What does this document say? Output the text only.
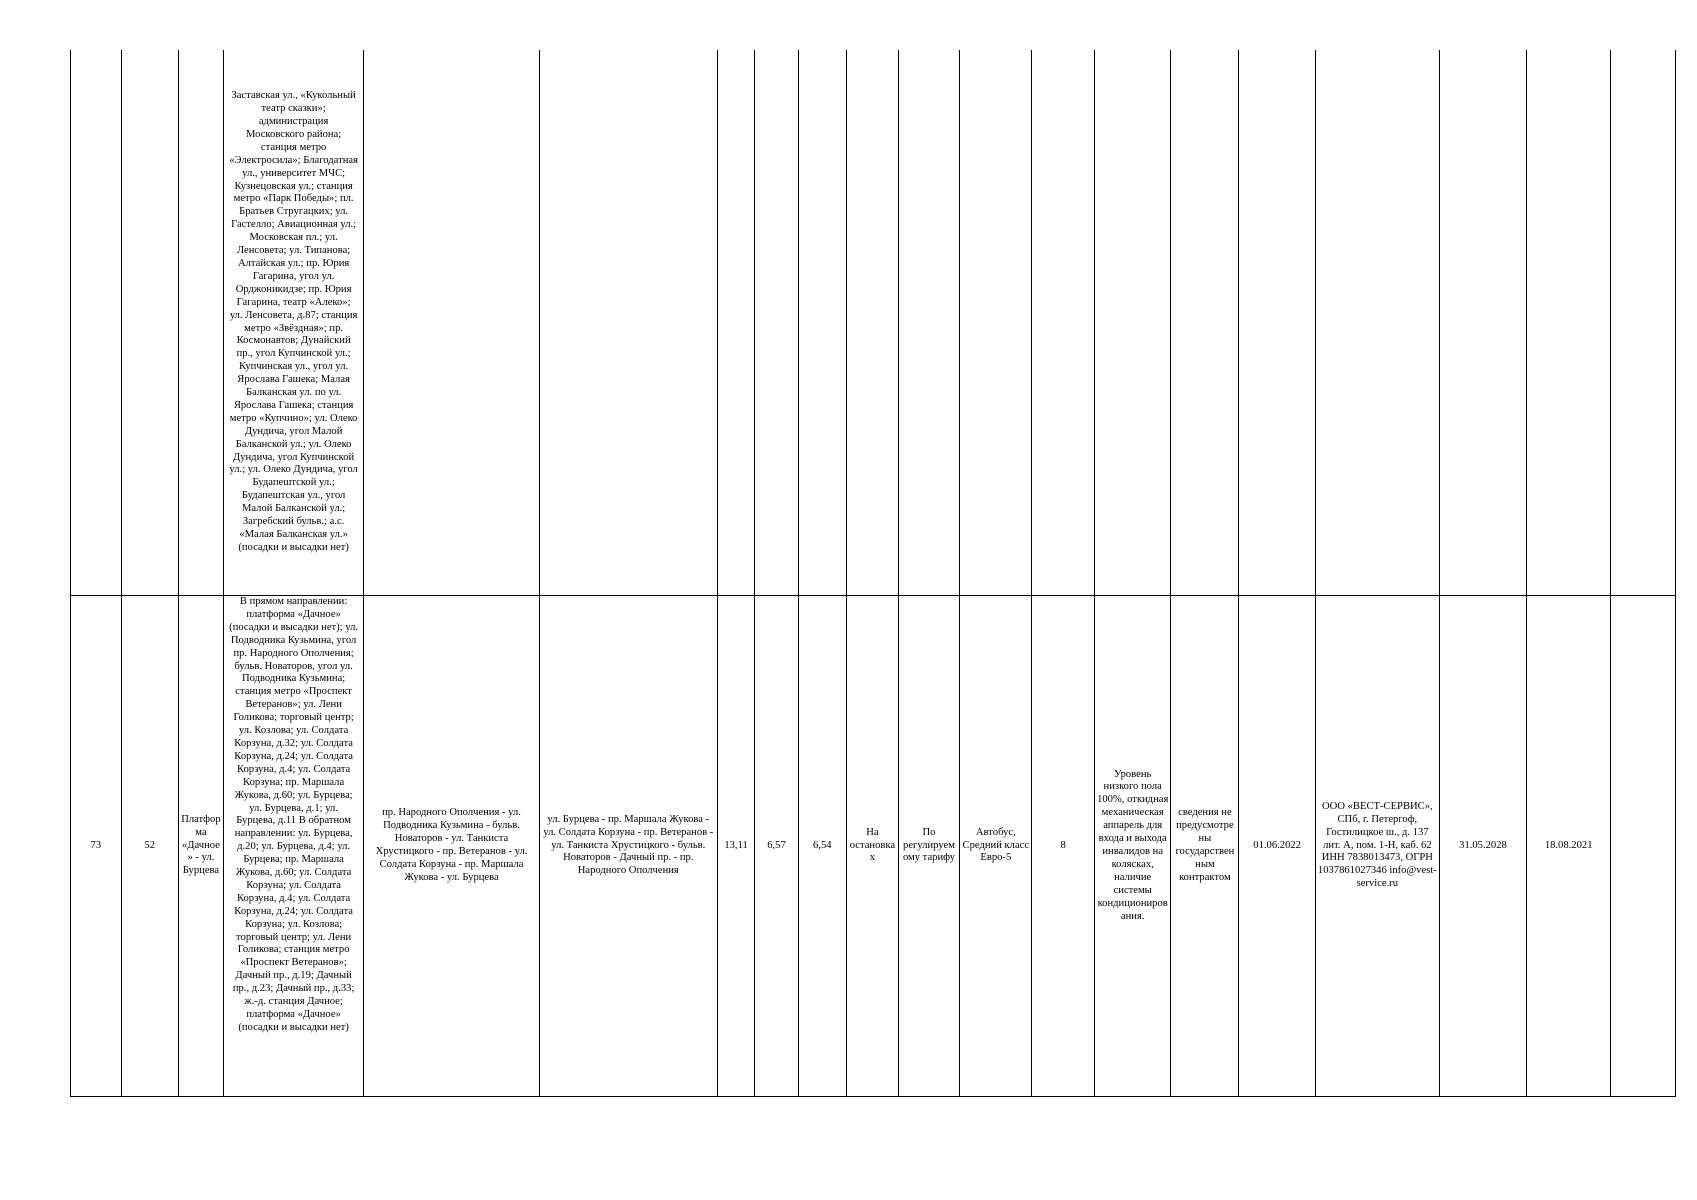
			Заставская ул., «Кукольный театр сказки»; администрация Московского района; станция метро «Электросила»; Благодатная ул., университет МЧС; Кузнецовская ул.; станция метро «Парк Победы»; пл. Братьев Стругацких; ул. Гастелло; Авиационная ул.; Московская пл.; ул. Ленсовета; ул. Типанова; Алтайская ул.; пр. Юрия Гагарина, угол ул. Орджоникидзе; пр. Юрия Гагарина, театр «Алеко»; ул. Ленсовета, д.87; станция метро «Звёздная»; пр. Космонавтов; Дунайский пр., угол Купчинской ул.; Купчинская ул., угол ул. Ярослава Гашека; Малая Балканская ул. по ул. Ярослава Гашека; станция метро «Купчино»; ул. Олеко Дундича, угол Малой Балканской ул.; ул. Олеко Дундича, угол Купчинской ул.; ул. Олеко Дундича, угол Будапештской ул.; Будапештская ул., угол Малой Балканской ул.; Загребский бульв.; а.с. «Малая Балканская ул.» (посадки и высадки нет)																

73	52	Платформа «Дачное» - ул. Бурцева	В прямом направлении: платформа «Дачное» (посадки и высадки нет); ул. Подводника Кузьмина, угол пр. Народного Ополчения; бульв. Новаторов, угол ул. Подводника Кузьмина; станция метро «Проспект Ветеранов»; ул. Лени Голикова; торговый центр; ул. Козлова; ул. Солдата Корзуна, д.32; ул. Солдата Корзуна, д.24; ул. Солдата Корзуна, д.4; ул. Солдата Корзуна; пр. Маршала Жукова, д.60; ул. Бурцева; ул. Бурцева, д.1; ул. Бурцева, д.11 В обратном направлении: ул. Бурцева, д.20; ул. Бурцева, д.4; ул. Бурцева; пр. Маршала Жукова, д.60; ул. Солдата Корзуна; ул. Солдата Корзуна, д.4; ул. Солдата Корзуна, д.24; ул. Солдата Корзуна; ул. Козлова; торговый центр; ул. Лени Голикова; станция метро «Проспект Ветеранов»; Дачный пр., д.19; Дачный пр., д.23; Дачный пр., д.33; ж.-д. станция Дачное; платформа «Дачное» (посадки и высадки нет)	пр. Народного Ополчения - ул. Подводника Кузьмина - бульв. Новаторов - ул. Танкиста Хрустицкого - пр. Ветеранов - ул. Солдата Корзуна - пр. Маршала Жукова - ул. Бурцева	ул. Бурцева - пр. Маршала Жукова - ул. Солдата Корзуна - пр. Ветеранов - ул. Танкиста Хрустицкого - бульв. Новаторов - Дачный пр. - пр. Народного Ополчения	13,11	6,57	6,54	На остановках	По регулируемому тарифу	Автобус, Средний класс Евро-5	8	Уровень низкого пола 100%, откидная механическая аппарель для входа и выхода инвалидов на колясках, наличие системы кондиционирования.	сведения не предусмотрены государственным контрактом	01.06.2022	ООО «ВЕСТ-СЕРВИС», СПб, г. Петергоф, Гостилицкое ш., д. 137 лит. А, пом. 1-Н, каб. 62 ИНН 7838013473, ОГРН 1037861027346 info@vest-service.ru	31.05.2028	18.08.2021	
